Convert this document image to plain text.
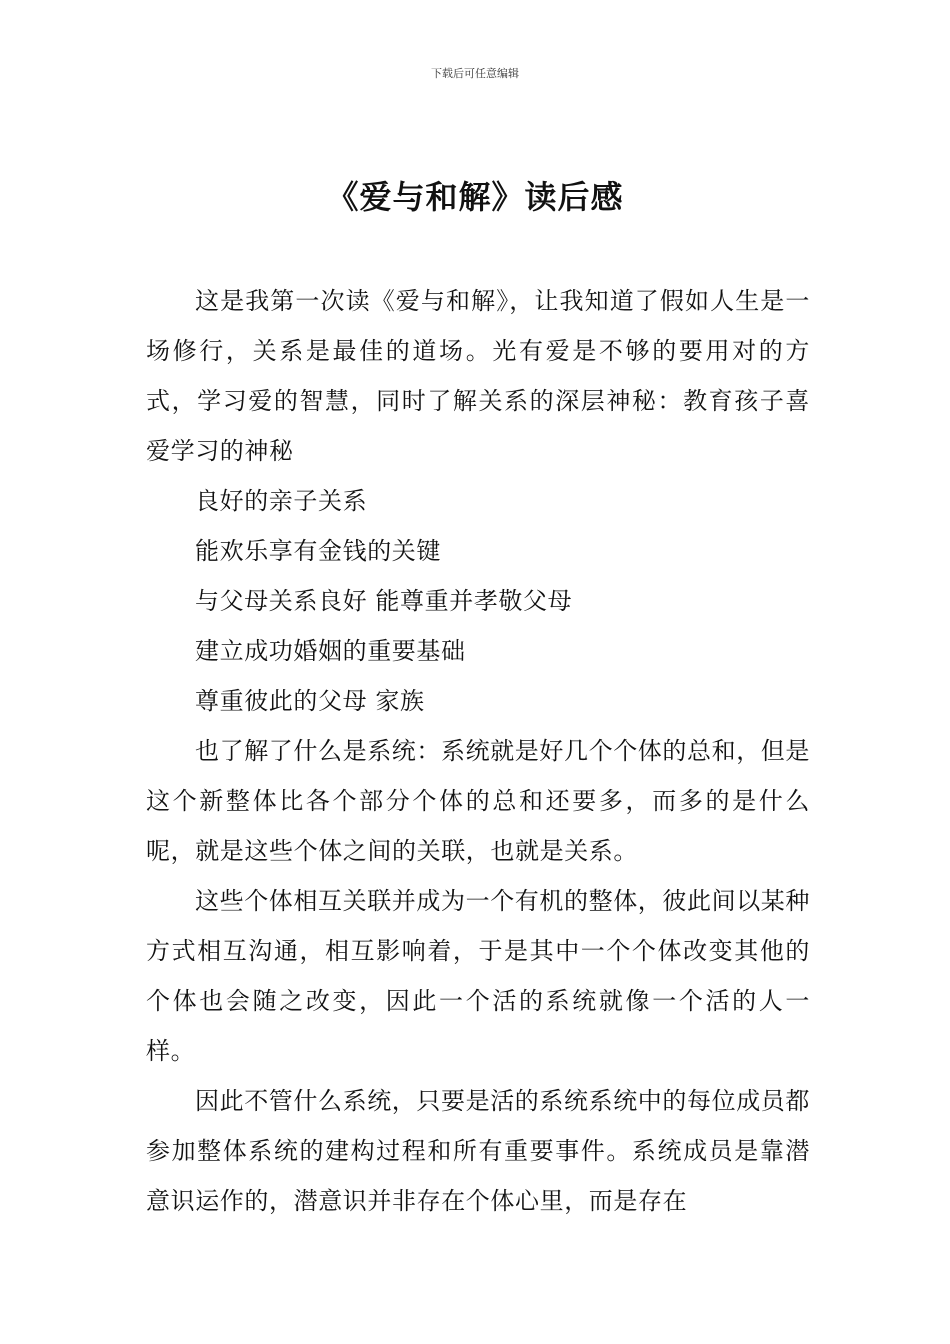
下载后可任意编辑
《爱与和解》读后感

这是我第一次读《爱与和解》，让我知道了假如人生是一场修行，关系是最佳的道场。光有爱是不够的要用对的方式，学习爱的智慧，同时了解关系的深层神秘：教育孩子喜爱学习的神秘

良好的亲子关系

能欢乐享有金钱的关键

与父母关系良好 能尊重并孝敬父母

建立成功婚姻的重要基础

尊重彼此的父母 家族

也了解了什么是系统：系统就是好几个个体的总和，但是这个新整体比各个部分个体的总和还要多，而多的是什么呢，就是这些个体之间的关联，也就是关系。

这些个体相互关联并成为一个有机的整体，彼此间以某种方式相互沟通，相互影响着，于是其中一个个体改变其他的个体也会随之改变，因此一个活的系统就像一个活的人一样。

因此不管什么系统，只要是活的系统系统中的每位成员都参加整体系统的建构过程和所有重要事件。系统成员是靠潜意识运作的，潜意识并非存在个体心里，而是存在
